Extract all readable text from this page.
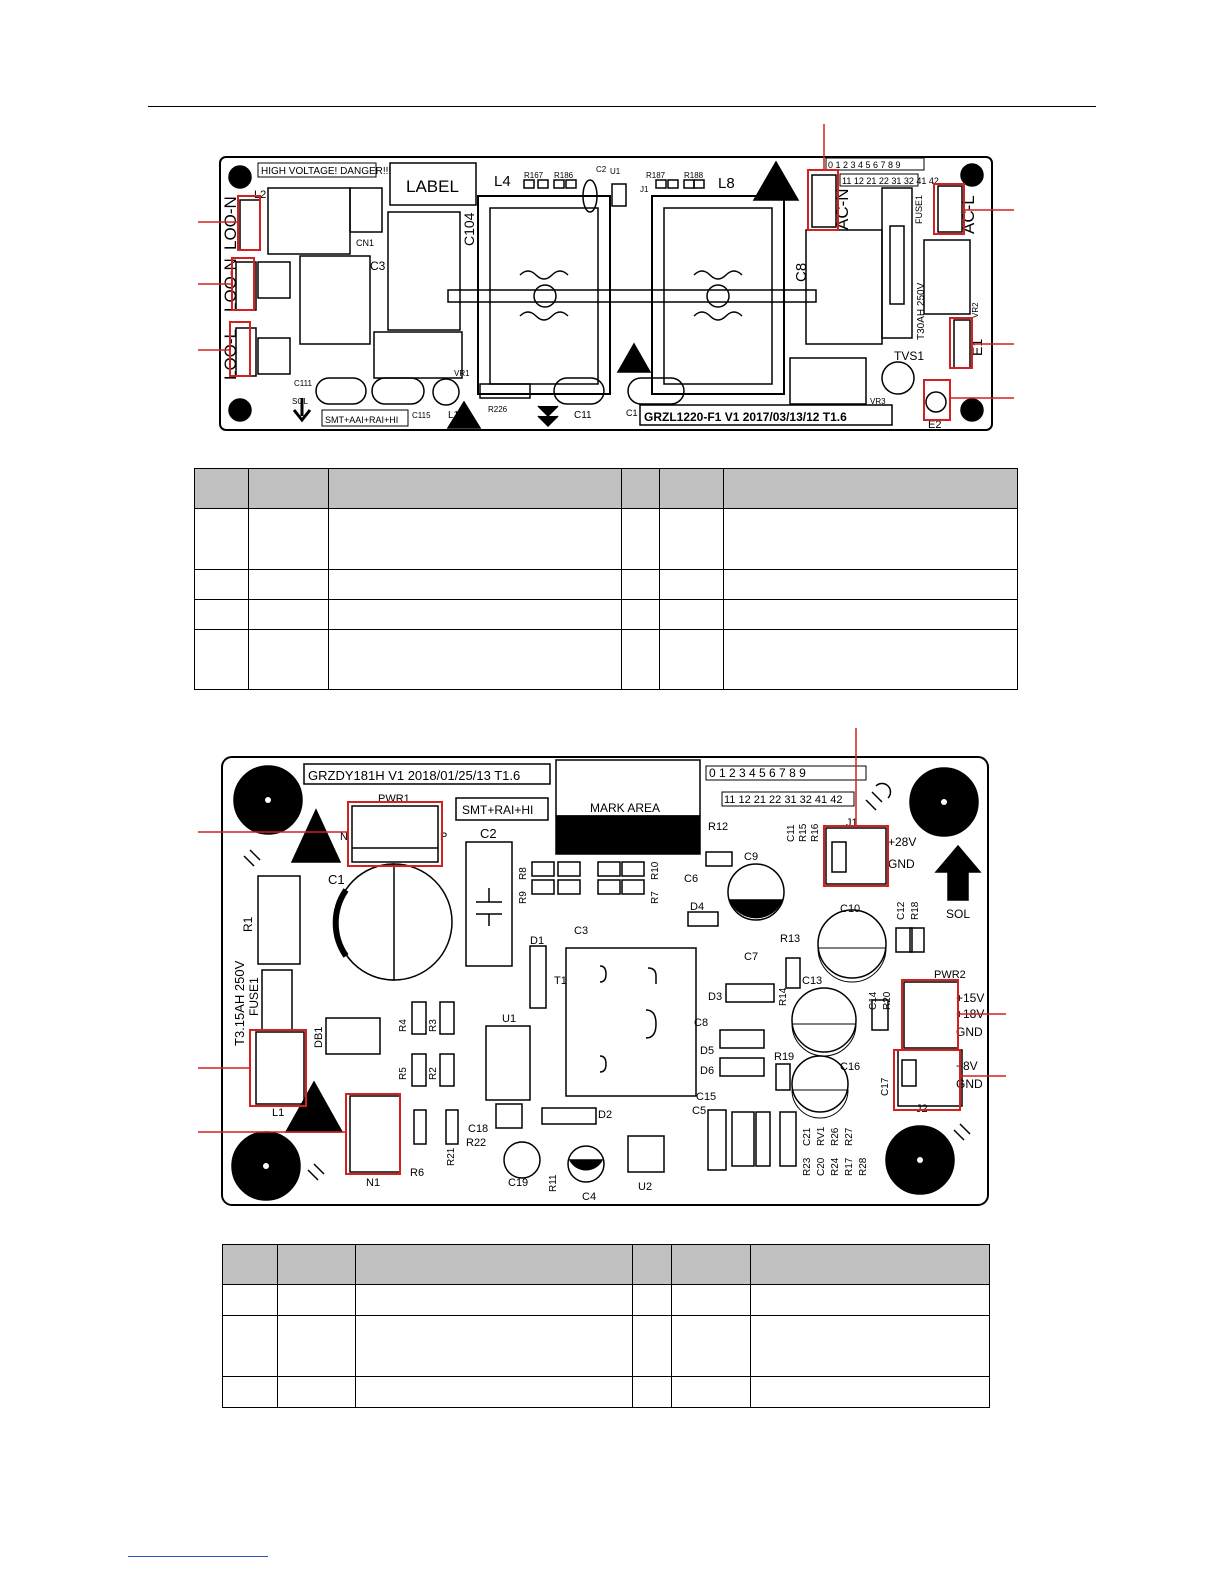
HIGH VOLTAGE! DANGER!!!
LABEL
GRZL1220-F1 V1 2017/03/13/12 T1.6
SMT+AAI+RAI+HI
T30AH 250V
0 1 2 3 4 5 6 7 8 9
11 12 21 22 31 32 41 42
LOO-N
LOO-N
LOO-L
AC-N	AC-L
E1
E2
L2
CN1
C3
C104
L4	L8
R167 R186
C2 U1
J1
R187 R188
C8
FUSE1
VR2
TVS1
VR3
VR1
C111
SOL
C115 L1
R226
C11	C1

GRZDY181H V1 2018/01/25/13 T1.6
SMT+RAI+HI	MARK AREA
T3.15AH 250V
SOL
0 1 2 3 4 5 6 7 8 9
11 12 21 22 31 32 41 42
PWR1
N	P
J1
+28V
GND
PWR2
+15V
+18V
GND
+8V
GND
J2
C1
C2
R1
FUSE1
DB1
L1
N1
R8
R9
R10
R7
R12
C6
D4
C9
C11 R15 R16
C3
D1
T1
C10	C12 R18
R13
C7
D3	R14
C13
C14 R20
R4 R3
U1	C8
D5
D6
R19
C16
C17
R5 R2
C15
C5
D2
C18
R22
R21
R6
C19 R11
C4
U2
C21 RV1 R26 R27
R23 C20 R24 R17 R28
